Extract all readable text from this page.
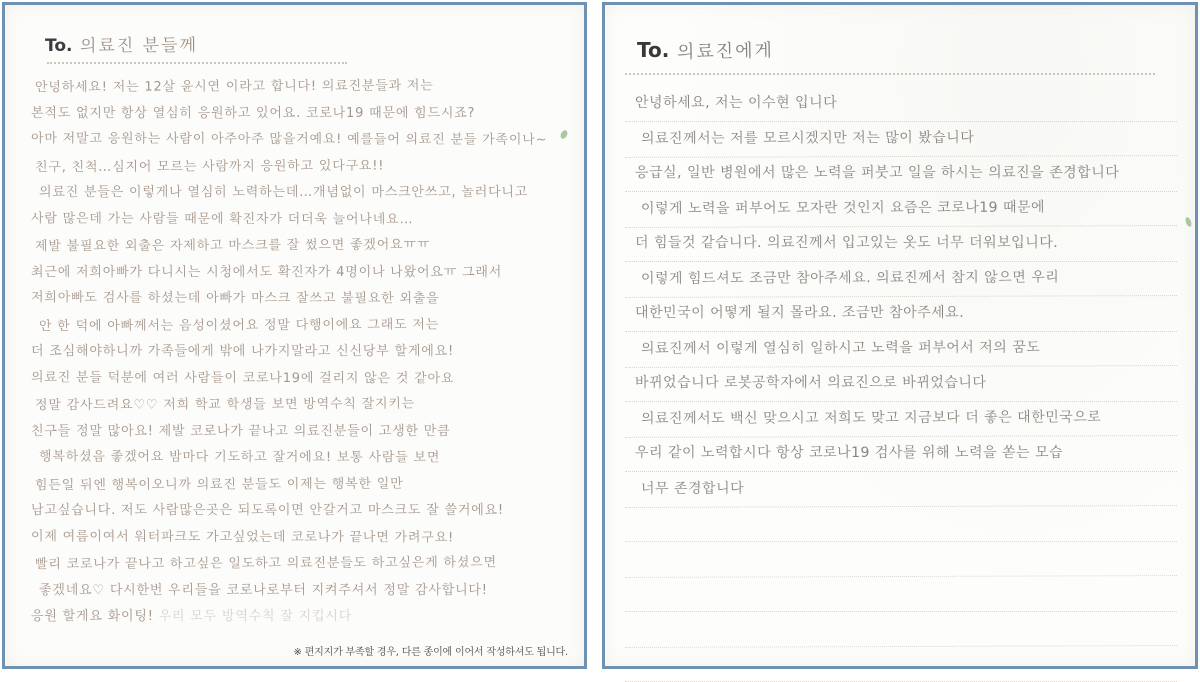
To. 의료진 분들께
안녕하세요! 저는 12살 윤시연 이라고 합니다! 의료진분들과 저는
본적도 없지만 항상 열심히 응원하고 있어요. 코로나19 때문에 힘드시죠?
아마 저말고 응원하는 사람이 아주아주 많을거예요! 예를들어 의료진 분들 가족이나~
친구, 친척…심지어 모르는 사람까지 응원하고 있다구요!!
의료진 분들은 이렇게나 열심히 노력하는데…개념없이 마스크안쓰고, 놀러다니고
사람 많은데 가는 사람들 때문에 확진자가 더더욱 늘어나네요…
제발 불필요한 외출은 자제하고 마스크를 잘 썼으면 좋겠어요ㅠㅠ
최근에 저희아빠가 다니시는 시청에서도 확진자가 4명이나 나왔어요ㅠ 그래서
저희아빠도 검사를 하셨는데 아빠가 마스크 잘쓰고 불필요한 외출을
안 한 덕에 아빠께서는 음성이셨어요 정말 다행이에요 그래도 저는
더 조심해야하니까 가족들에게 밖에 나가지말라고 신신당부 할게에요!
의료진 분들 덕분에 여러 사람들이 코로나19에 걸리지 않은 것 같아요
정말 감사드려요♡♡ 저희 학교 학생들 보면 방역수칙 잘지키는
친구들 정말 많아요! 제발 코로나가 끝나고 의료진분들이 고생한 만큼
행복하셨음 좋겠어요 밤마다 기도하고 잘거에요! 보통 사람들 보면
힘든일 뒤엔 행복이오니까 의료진 분들도 이제는 행복한 일만
남고싶습니다. 저도 사람많은곳은 되도록이면 안갈거고 마스크도 잘 쓸거에요!
이제 여름이여서 워터파크도 가고싶었는데 코로나가 끝나면 가려구요!
빨리 코로나가 끝나고 하고싶은 일도하고 의료진분들도 하고싶은게 하셨으면
좋겠네요♡ 다시한번 우리들을 코로나로부터 지켜주셔서 정말 감사합니다!
응원 할게요 화이팅! 우리 모두 방역수칙 잘 지킵시다
※ 편지지가 부족할 경우, 다른 종이에 이어서 작성하셔도 됩니다.
To. 의료진에게
안녕하세요, 저는 이수현 입니다
의료진께서는 저를 모르시겠지만 저는 많이 봤습니다
응급실, 일반 병원에서 많은 노력을 퍼붓고 일을 하시는 의료진을 존경합니다
이렇게 노력을 퍼부어도 모자란 것인지 요즘은 코로나19 때문에
더 힘들것 같습니다. 의료진께서 입고있는 옷도 너무 더워보입니다.
이렇게 힘드셔도 조금만 참아주세요. 의료진께서 참지 않으면 우리
대한민국이 어떻게 될지 몰라요. 조금만 참아주세요.
의료진께서 이렇게 열심히 일하시고 노력을 퍼부어서 저의 꿈도
바뀌었습니다 로봇공학자에서 의료진으로 바뀌었습니다
의료진께서도 백신 맞으시고 저희도 맞고 지금보다 더 좋은 대한민국으로
우리 같이 노력합시다 항상 코로나19 검사를 위해 노력을 쏟는 모습
너무 존경합니다
